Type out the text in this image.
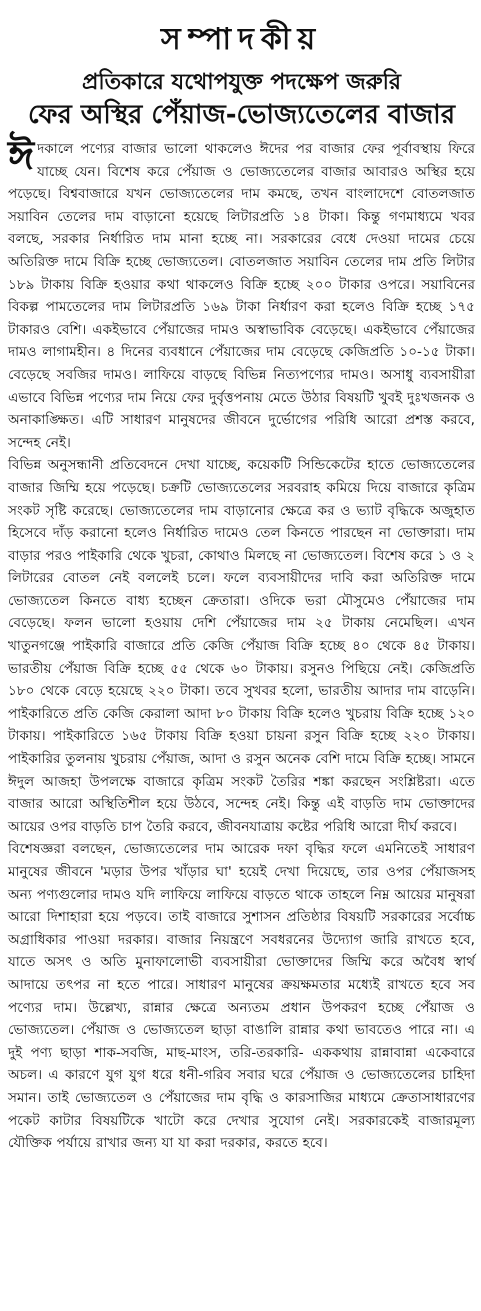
সম্পাদকীয়
প্রতিকারে যথোপযুক্ত পদক্ষেপ জরুরি
ফের অস্থির পেঁয়াজ-ভোজ্যতেলের বাজার

ঈদকালে পণ্যের বাজার ভালো থাকলেও ঈদের পর বাজার ফের পূর্বাবস্থায় ফিরে যাচ্ছে যেন। বিশেষ করে পেঁয়াজ ও ভোজ্যতেলের বাজার আবারও অস্থির হয়ে পড়েছে। বিশ্ববাজারে যখন ভোজ্যতেলের দাম কমছে, তখন বাংলাদেশে বোতলজাত সয়াবিন তেলের দাম বাড়ানো হয়েছে লিটারপ্রতি ১৪ টাকা। কিন্তু গণমাধ্যমে খবর বলছে, সরকার নির্ধারিত দাম মানা হচ্ছে না। সরকারের বেধে দেওয়া দামের চেয়ে অতিরিক্ত দামে বিক্রি হচ্ছে ভোজ্যতেল। বোতলজাত সয়াবিন তেলের দাম প্রতি লিটার ১৮৯ টাকায় বিক্রি হওয়ার কথা থাকলেও বিক্রি হচ্ছে ২০০ টাকার ওপরে। সয়াবিনের বিকল্প পামতেলের দাম লিটারপ্রতি ১৬৯ টাকা নির্ধারণ করা হলেও বিক্রি হচ্ছে ১৭৫ টাকারও বেশি। একইভাবে পেঁয়াজের দামও অস্বাভাবিক বেড়েছে। একইভাবে পেঁয়াজের দামও লাগামহীন। ৪ দিনের ব্যবধানে পেঁয়াজের দাম বেড়েছে কেজিপ্রতি ১০-১৫ টাকা। বেড়েছে সবজির দামও। লাফিয়ে বাড়ছে বিভিন্ন নিত্যপণ্যের দামও। অসাধু ব্যবসায়ীরা এভাবে বিভিন্ন পণ্যের দাম নিয়ে ফের দুর্বৃত্তপনায় মেতে উঠার বিষয়টি খুবই দুঃখজনক ও অনাকাঙ্ক্ষিত। এটি সাধারণ মানুষদের জীবনে দুর্ভোগের পরিধি আরো প্রশস্ত করবে, সন্দেহ নেই।

বিভিন্ন অনুসন্ধানী প্রতিবেদনে দেখা যাচ্ছে, কয়েকটি সিন্ডিকেটের হাতে ভোজ্যতেলের বাজার জিম্মি হয়ে পড়েছে। চক্রটি ভোজ্যতেলের সরবরাহ কমিয়ে দিয়ে বাজারে কৃত্রিম সংকট সৃষ্টি করেছে। ভোজ্যতেলের দাম বাড়ানোর ক্ষেত্রে কর ও ভ্যাট বৃদ্ধিকে অজুহাত হিসেবে দাঁড় করানো হলেও নির্ধারিত দামেও তেল কিনতে পারছেন না ভোক্তারা। দাম বাড়ার পরও পাইকারি থেকে খুচরা, কোথাও মিলছে না ভোজ্যতেল। বিশেষ করে ১ ও ২ লিটারের বোতল নেই বললেই চলে। ফলে ব্যবসায়ীদের দাবি করা অতিরিক্ত দামে ভোজ্যতেল কিনতে বাধ্য হচ্ছেন ক্রেতারা। ওদিকে ভরা মৌসুমেও পেঁয়াজের দাম বেড়েছে। ফলন ভালো হওয়ায় দেশি পেঁয়াজের দাম ২৫ টাকায় নেমেছিল। এখন খাতুনগঞ্জে পাইকারি বাজারে প্রতি কেজি পেঁয়াজ বিক্রি হচ্ছে ৪০ থেকে ৪৫ টাকায়। ভারতীয় পেঁয়াজ বিক্রি হচ্ছে ৫৫ থেকে ৬০ টাকায়। রসুনও পিছিয়ে নেই। কেজিপ্রতি ১৮০ থেকে বেড়ে হয়েছে ২২০ টাকা। তবে সুখবর হলো, ভারতীয় আদার দাম বাড়েনি। পাইকারিতে প্রতি কেজি কেরালা আদা ৮০ টাকায় বিক্রি হলেও খুচরায় বিক্রি হচ্ছে ১২০ টাকায়। পাইকারিতে ১৬৫ টাকায় বিক্রি হওয়া চায়না রসুন বিক্রি হচ্ছে ২২০ টাকায়। পাইকারির তুলনায় খুচরায় পেঁয়াজ, আদা ও রসুন অনেক বেশি দামে বিক্রি হচ্ছে। সামনে ঈদুল আজহা উপলক্ষে বাজারে কৃত্রিম সংকট তৈরির শঙ্কা করছেন সংশ্লিষ্টরা। এতে বাজার আরো অস্থিতিশীল হয়ে উঠবে, সন্দেহ নেই। কিন্তু এই বাড়তি দাম ভোক্তাদের আয়ের ওপর বাড়তি চাপ তৈরি করবে, জীবনযাত্রায় কষ্টের পরিধি আরো দীর্ঘ করবে।

বিশেষজ্ঞরা বলছেন, ভোজ্যতেলের দাম আরেক দফা বৃদ্ধির ফলে এমনিতেই সাধারণ মানুষের জীবনে 'মড়ার উপর খাঁড়ার ঘা' হয়েই দেখা দিয়েছে, তার ওপর পেঁয়াজসহ অন্য পণ্যগুলোর দামও যদি লাফিয়ে লাফিয়ে বাড়তে থাকে তাহলে নিম্ন আয়ের মানুষরা আরো দিশাহারা হয়ে পড়বে। তাই বাজারে সুশাসন প্রতিষ্ঠার বিষয়টি সরকারের সর্বোচ্চ অগ্রাধিকার পাওয়া দরকার। বাজার নিয়ন্ত্রণে সবধরনের উদ্যোগ জারি রাখতে হবে, যাতে অসৎ ও অতি মুনাফালোভী ব্যবসায়ীরা ভোক্তাদের জিম্মি করে অবৈধ স্বার্থ আদায়ে তৎপর না হতে পারে। সাধারণ মানুষের ক্রয়ক্ষমতার মধ্যেই রাখতে হবে সব পণ্যের দাম। উল্লেখ্য, রান্নার ক্ষেত্রে অন্যতম প্রধান উপকরণ হচ্ছে পেঁয়াজ ও ভোজ্যতেল। পেঁয়াজ ও ভোজ্যতেল ছাড়া বাঙালি রান্নার কথা ভাবতেও পারে না। এ দুই পণ্য ছাড়া শাক-সবজি, মাছ-মাংস, তরি-তরকারি- এককথায় রান্নাবান্না একেবারে অচল। এ কারণে যুগ যুগ ধরে ধনী-গরিব সবার ঘরে পেঁয়াজ ও ভোজ্যতেলের চাহিদা সমান। তাই ভোজ্যতেল ও পেঁয়াজের দাম বৃদ্ধি ও কারসাজির মাধ্যমে ক্রেতাসাধারণের পকেট কাটার বিষয়টিকে খাটো করে দেখার সুযোগ নেই। সরকারকেই বাজারমূল্য যৌক্তিক পর্যায়ে রাখার জন্য যা যা করা দরকার, করতে হবে।
